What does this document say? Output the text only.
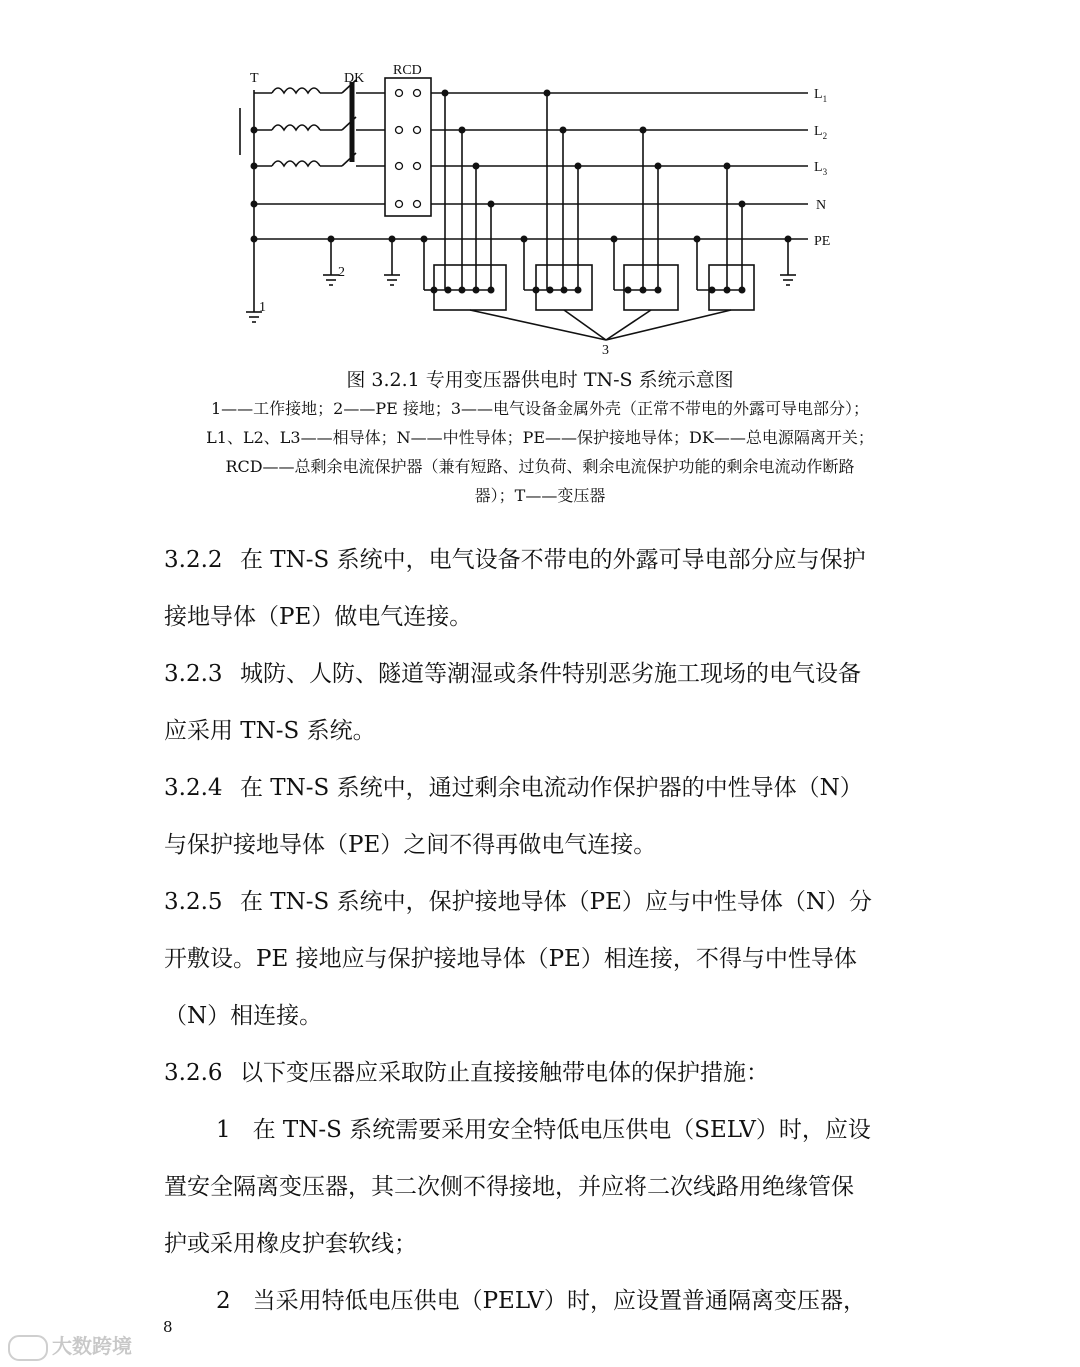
T	DK
RCD
$L_1$
$L_2$
$L_3$
N
PE
1
2
3
图 3.2.1 专用变压器供电时 TN-S 系统示意图
1——工作接地；2——PE 接地；3——电气设备金属外壳（正常不带电的外露可导电部分）；
L1、L2、L3——相导体；N——中性导体；PE——保护接地导体；DK——总电源隔离开关；
RCD——总剩余电流保护器（兼有短路、过负荷、剩余电流保护功能的剩余电流动作断路
器）；T——变压器

3.2.2 在 TN-S 系统中，电气设备不带电的外露可导电部分应与保护

接地导体（PE）做电气连接。

3.2.3 城防、人防、隧道等潮湿或条件特别恶劣施工现场的电气设备

应采用 TN-S 系统。

3.2.4 在 TN-S 系统中，通过剩余电流动作保护器的中性导体（N）

与保护接地导体（PE）之间不得再做电气连接。

3.2.5 在 TN-S 系统中，保护接地导体（PE）应与中性导体（N）分

开敷设。PE 接地应与保护接地导体（PE）相连接，不得与中性导体

（N）相连接。

3.2.6 以下变压器应采取防止直接接触带电体的保护措施：

1 在 TN-S 系统需要采用安全特低电压供电（SELV）时，应设

置安全隔离变压器，其二次侧不得接地，并应将二次线路用绝缘管保

护或采用橡皮护套软线；

2 当采用特低电压供电（PELV）时，应设置普通隔离变压器，

8
大数跨境
